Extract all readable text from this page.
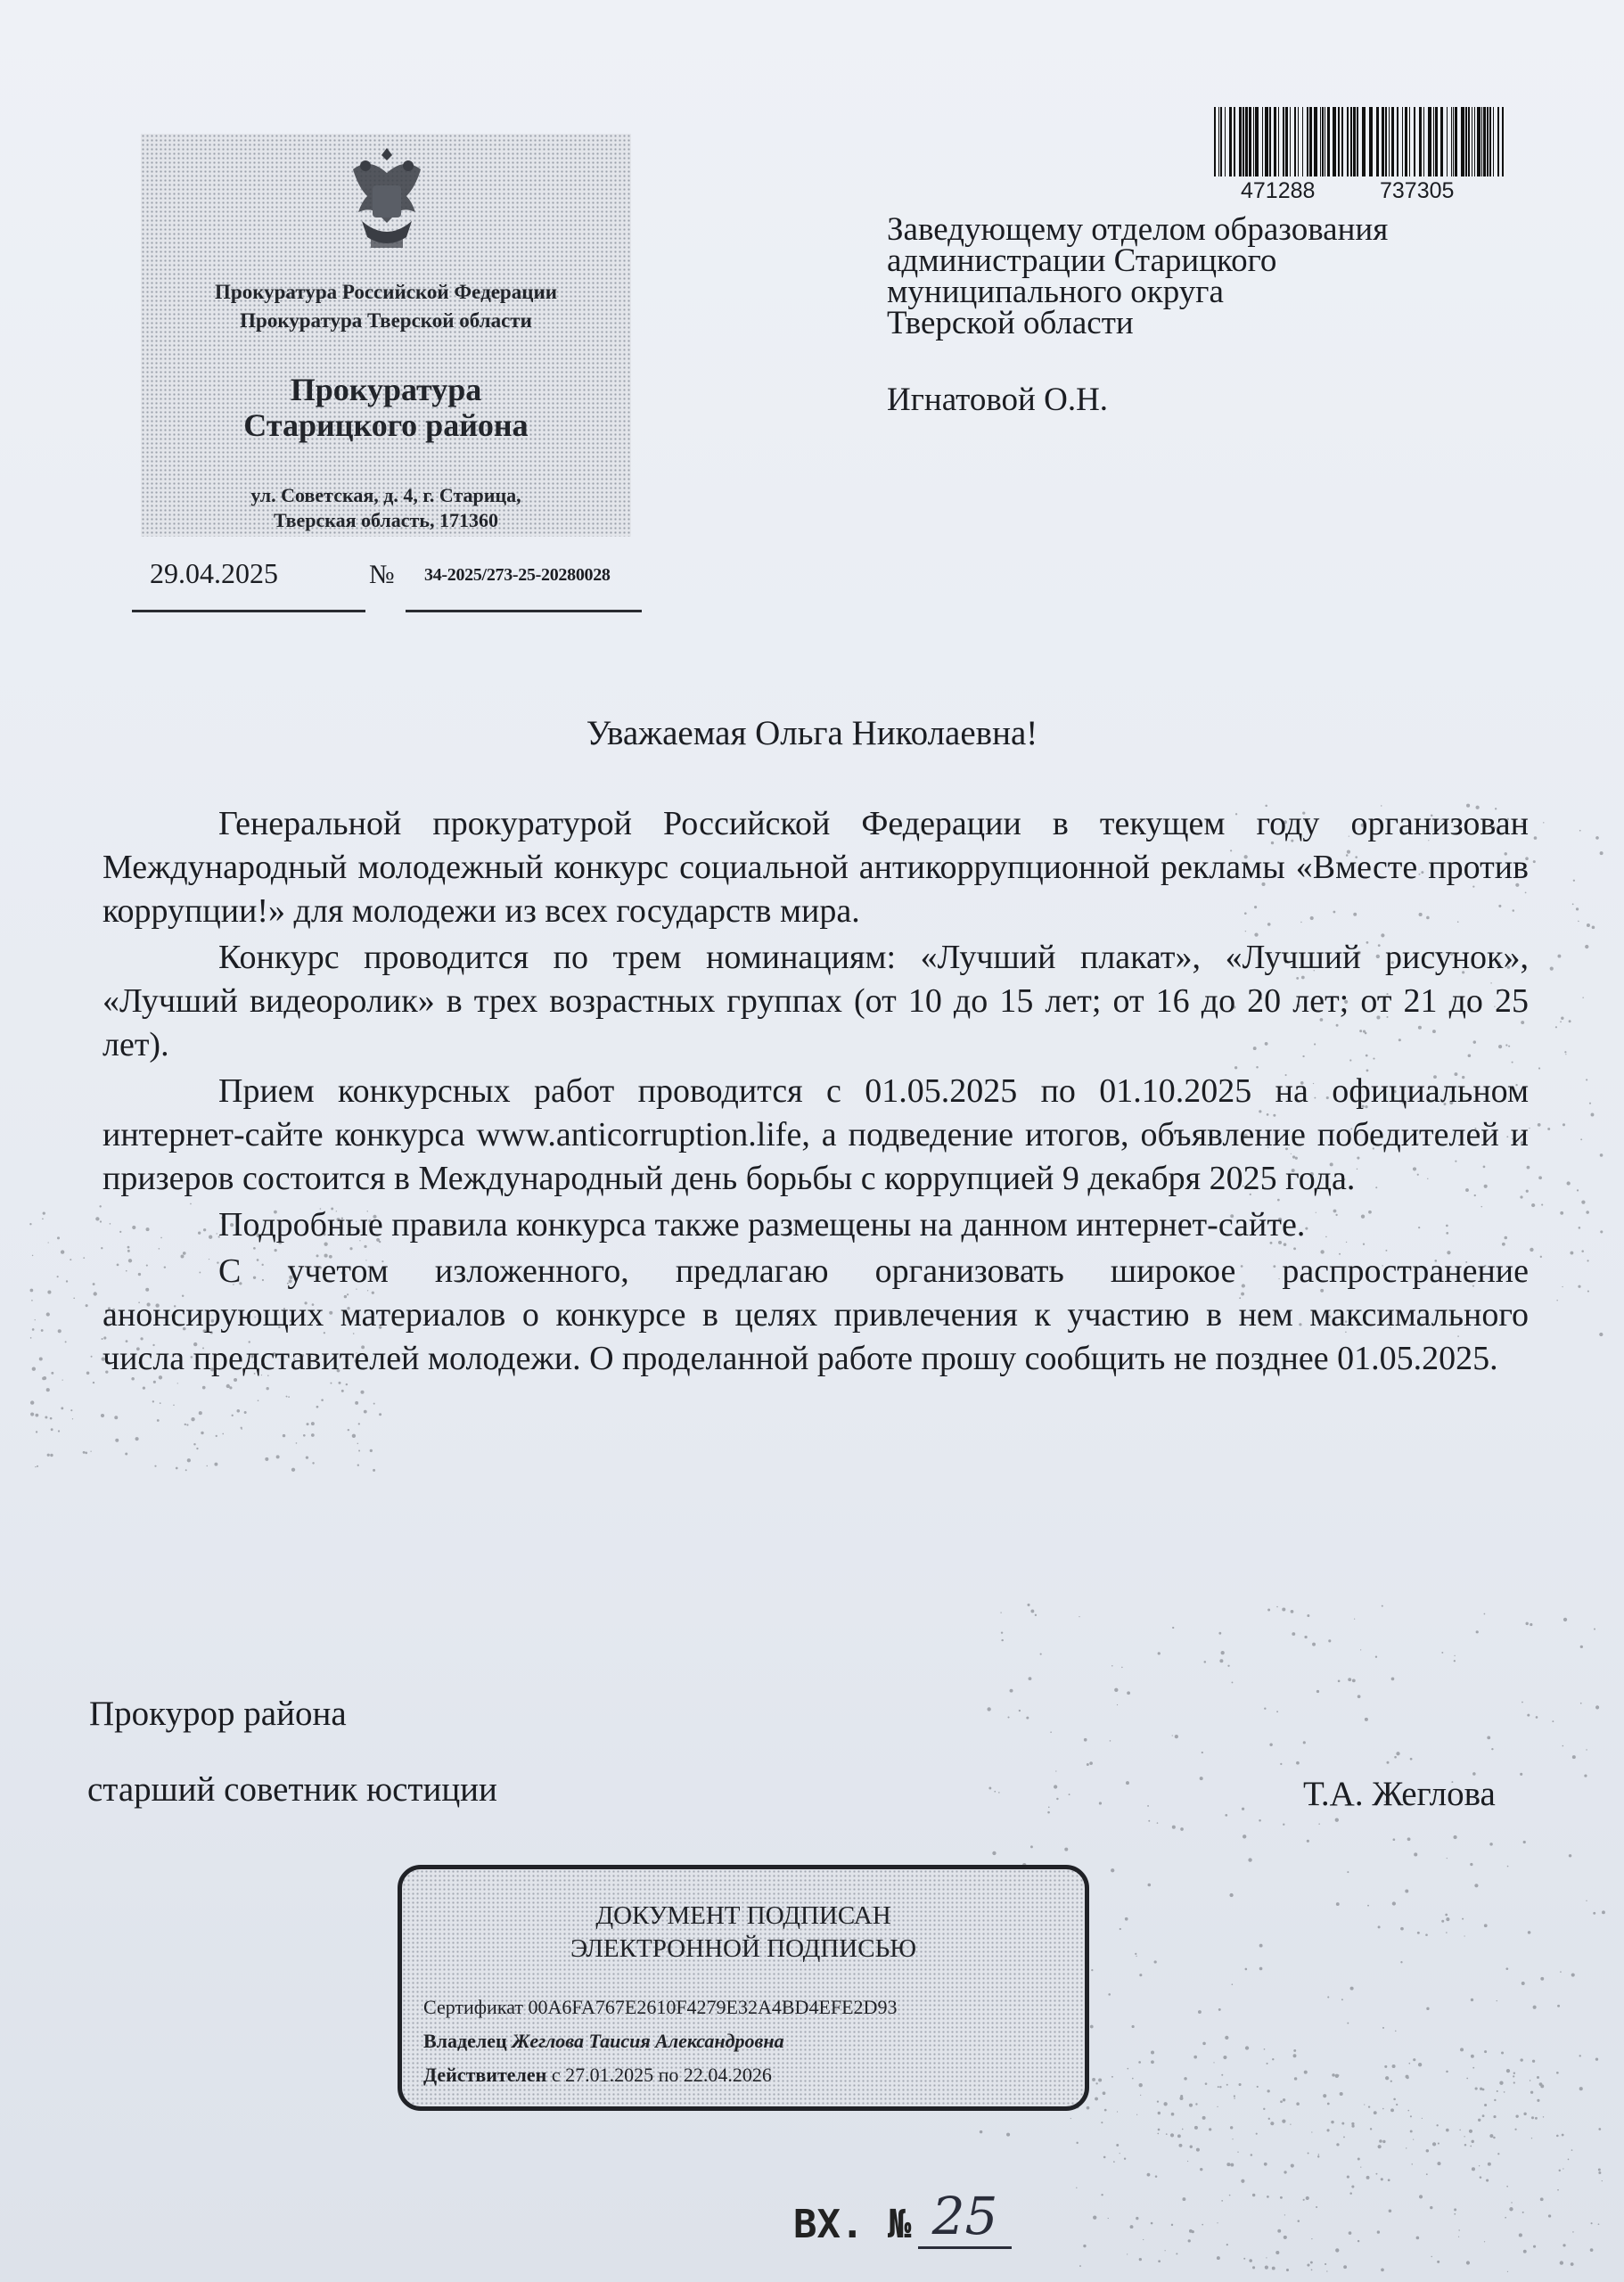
Прокуратура Российской Федерации
Прокуратура Тверской области
Прокуратура
Старицкого района
ул. Советская, д. 4, г. Старица,
Тверская область, 171360
29.04.2025	№ 34-2025/273-25-20280028
471288	737305
Заведующему отделом образования
администрации Старицкого
муниципального округа
Тверской области
Игнатовой О.Н.
Уважаемая Ольга Николаевна!

Генеральной прокуратурой Российской Федерации в текущем году организован Международный молодежный конкурс социальной антикоррупционной рекламы «Вместе против коррупции!» для молодежи из всех государств мира.

Конкурс проводится по трем номинациям: «Лучший плакат», «Лучший рисунок», «Лучший видеоролик» в трех возрастных группах (от 10 до 15 лет; от 16 до 20 лет; от 21 до 25 лет).

Прием конкурсных работ проводится с 01.05.2025 по 01.10.2025 на официальном интернет-сайте конкурса www.anticorruption.life, а подведение итогов, объявление победителей и призеров состоится в Международный день борьбы с коррупцией 9 декабря 2025 года.

Подробные правила конкурса также размещены на данном интернет-сайте.

С учетом изложенного, предлагаю организовать широкое распространение анонсирующих материалов о конкурсе в целях привлечения к участию в нем максимального числа представителей молодежи. О проделанной работе прошу сообщить не позднее 01.05.2025.

Прокурор района
старший советник юстиции	Т.А. Жеглова
ДОКУМЕНТ ПОДПИСАН
ЭЛЕКТРОННОЙ ПОДПИСЬЮ
Сертификат 00A6FA767E2610F4279E32A4BD4EFE2D93
Владелец Жеглова Таисия Александровна
Действителен с 27.01.2025 по 22.04.2026
ВХ. № 25
